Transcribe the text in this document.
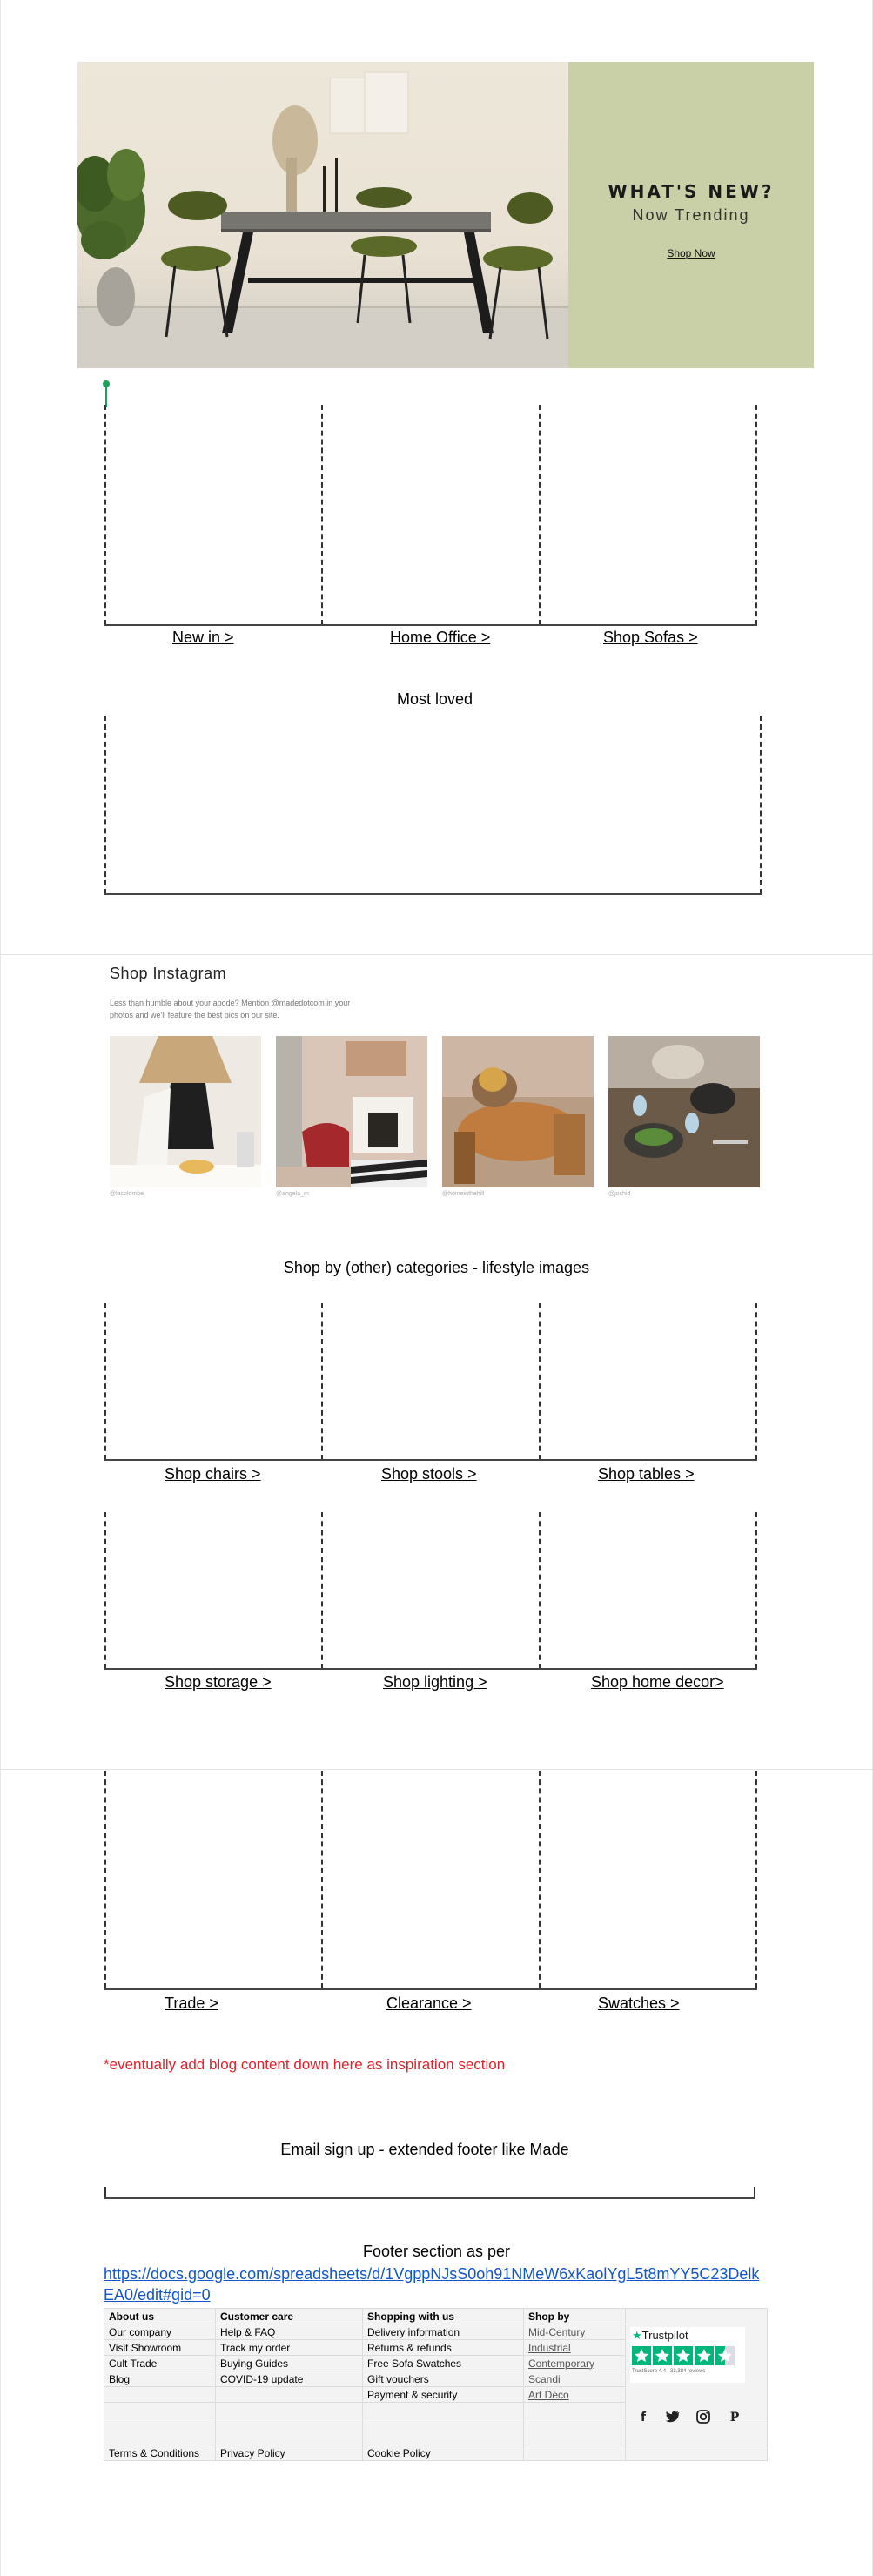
WHAT'S NEW?
Now Trending
Shop Now
New in >	Home Office >	Shop Sofas >
Most loved
Shop Instagram
Less than humble about your abode? Mention @madedotcom in your photos and we'll feature the best pics on our site.
@lacolombe	@angela_m	@homeinthehill	@joshid
Shop by (other) categories - lifestyle images
Shop chairs >	Shop stools >	Shop tables >
Shop storage >	Shop lighting >	Shop home decor>
Trade >	Clearance >	Swatches >
*eventually add blog content down here as inspiration section
Email sign up - extended footer like Made
Footer section as per
https://docs.google.com/spreadsheets/d/1VgppNJsS0oh91NMeW6xKaolYgL5t8mYY5C23Delk EA0/edit#gid=0
About us	Customer care	Shopping with us	Shop by	
Our company	Help & FAQ	Delivery information	Mid-Century	
Visit Showroom	Track my order	Returns & refunds	Industrial	
Cult Trade	Buying Guides	Free Sofa Swatches	Contemporary	
Blog	COVID-19 update	Gift vouchers	Scandi	
		Payment & security	Art Deco	

Terms & Conditions	Privacy Policy	Cookie Policy		
★Trustpilot
TrustScore 4.4 | 33,384 reviews
f	P
